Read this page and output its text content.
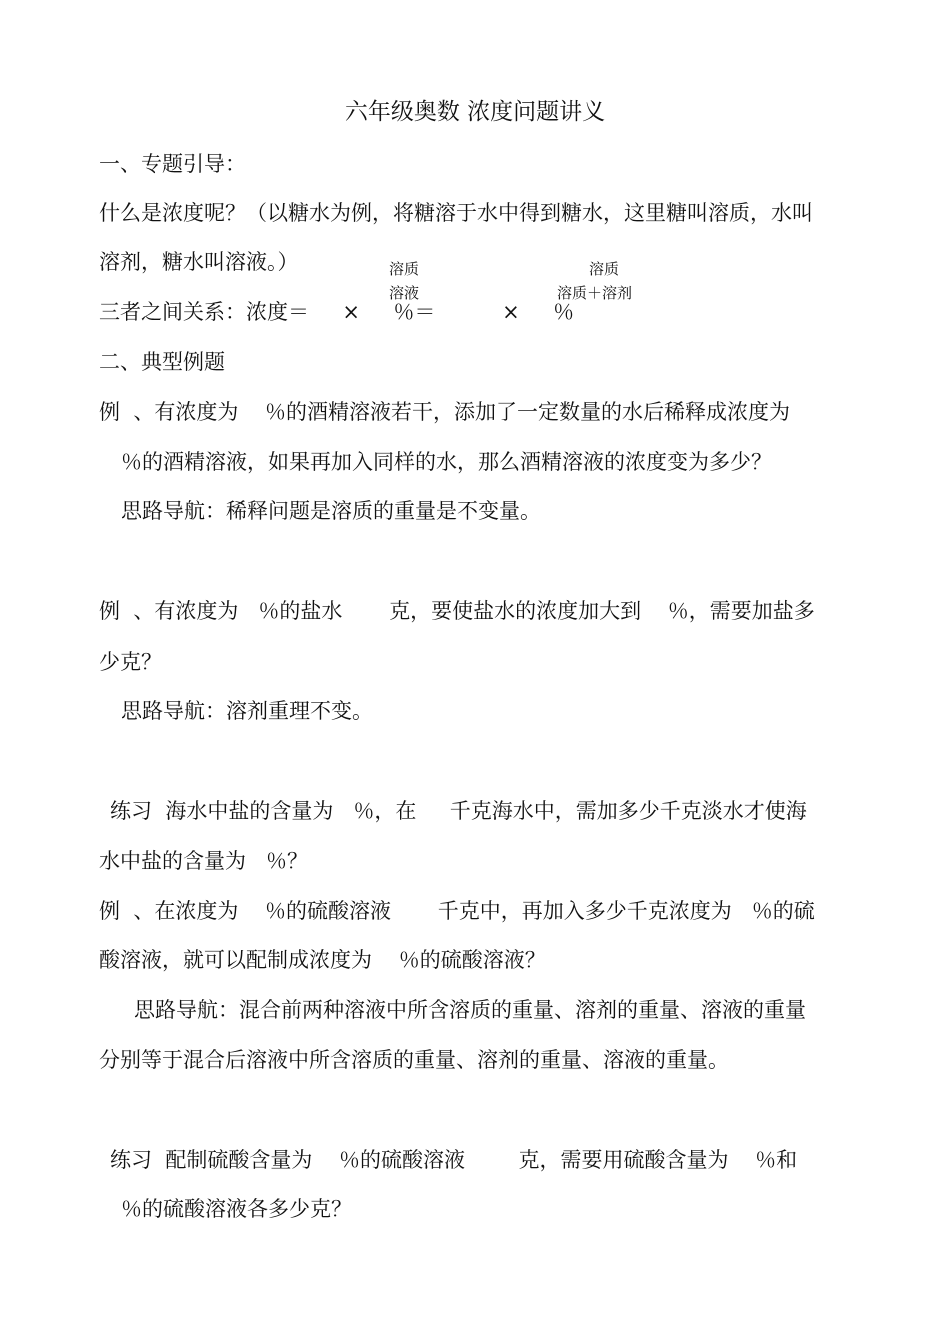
六年级奥数 浓度问题讲义
一、专题引导：
什么是浓度呢？（以糖水为例，将糖溶于水中得到糖水，这里糖叫溶质，水叫
溶剂，糖水叫溶液。）	溶质
溶液
溶质
溶质＋溶剂
三者之间关系：浓度＝     ×     ％＝          ×     ％
二、典型例题
例  、有浓度为    ％的酒精溶液若干，添加了一定数量的水后稀释成浓度为
％的酒精溶液，如果再加入同样的水，那么酒精溶液的浓度变为多少？
思路导航：稀释问题是溶质的重量是不变量。
例  、有浓度为   ％的盐水       克，要使盐水的浓度加大到    ％，需要加盐多
少克？
思路导航：溶剂重理不变。
练习  海水中盐的含量为   ％，在     千克海水中，需加多少千克淡水才使海
水中盐的含量为   ％？
例  、在浓度为    ％的硫酸溶液       千克中，再加入多少千克浓度为   ％的硫
酸溶液，就可以配制成浓度为    ％的硫酸溶液？
思路导航：混合前两种溶液中所含溶质的重量、溶剂的重量、溶液的重量
分别等于混合后溶液中所含溶质的重量、溶剂的重量、溶液的重量。
练习  配制硫酸含量为    ％的硫酸溶液        克，需要用硫酸含量为    ％和
％的硫酸溶液各多少克？
